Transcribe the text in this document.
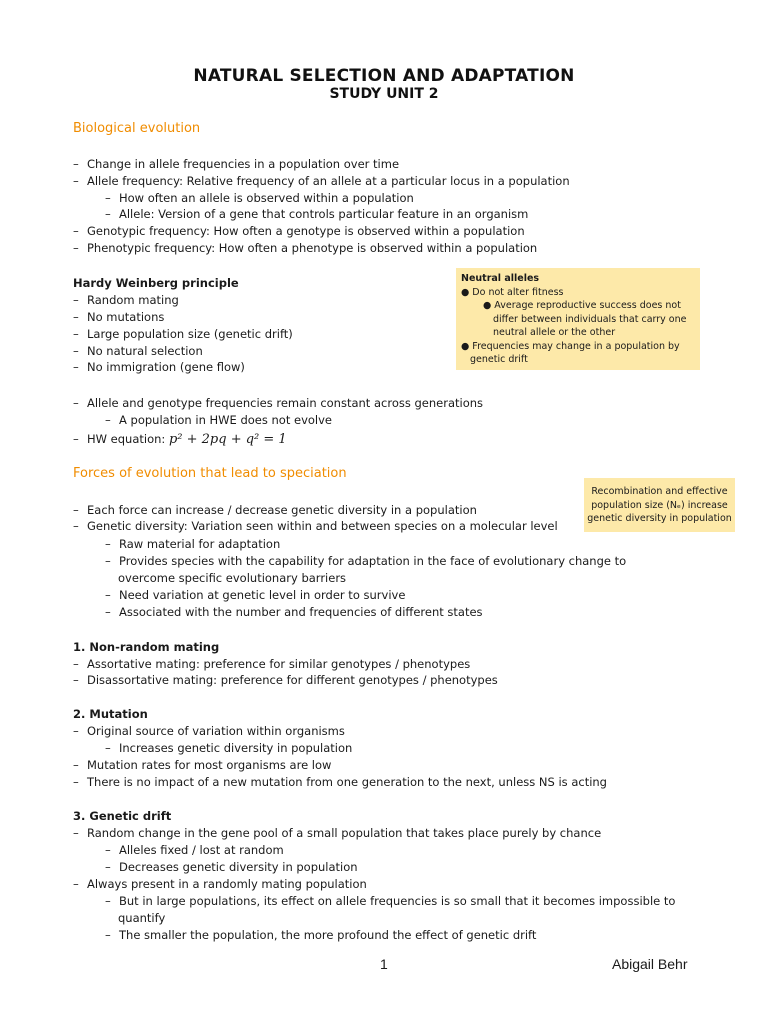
NATURAL SELECTION AND ADAPTATION
STUDY UNIT 2
Biological evolution
– Change in allele frequencies in a population over time
– Allele frequency: Relative frequency of an allele at a particular locus in a population
– How often an allele is observed within a population
– Allele: Version of a gene that controls particular feature in an organism
– Genotypic frequency: How often a genotype is observed within a population
– Phenotypic frequency: How often a phenotype is observed within a population
Hardy Weinberg principle
– Random mating
– No mutations
– Large population size (genetic drift)
– No natural selection
– No immigration (gene flow)
– Allele and genotype frequencies remain constant across generations
– A population in HWE does not evolve
– HW equation: p² + 2pq + q² = 1
Neutral alleles
● Do not alter fitness
● Average reproductive success does not
differ between individuals that carry one
neutral allele or the other
● Frequencies may change in a population by
genetic drift
Forces of evolution that lead to speciation
– Each force can increase / decrease genetic diversity in a population
– Genetic diversity: Variation seen within and between species on a molecular level
– Raw material for adaptation
– Provides species with the capability for adaptation in the face of evolutionary change to
overcome specific evolutionary barriers
– Need variation at genetic level in order to survive
– Associated with the number and frequencies of different states
Recombination and effective
population size (Nₑ) increase
genetic diversity in population
1. Non-random mating
– Assortative mating: preference for similar genotypes / phenotypes
– Disassortative mating: preference for different genotypes / phenotypes
2. Mutation
– Original source of variation within organisms
– Increases genetic diversity in population
– Mutation rates for most organisms are low
– There is no impact of a new mutation from one generation to the next, unless NS is acting
3. Genetic drift
– Random change in the gene pool of a small population that takes place purely by chance
– Alleles fixed / lost at random
– Decreases genetic diversity in population
– Always present in a randomly mating population
– But in large populations, its effect on allele frequencies is so small that it becomes impossible to
quantify
– The smaller the population, the more profound the effect of genetic drift
1	Abigail Behr
